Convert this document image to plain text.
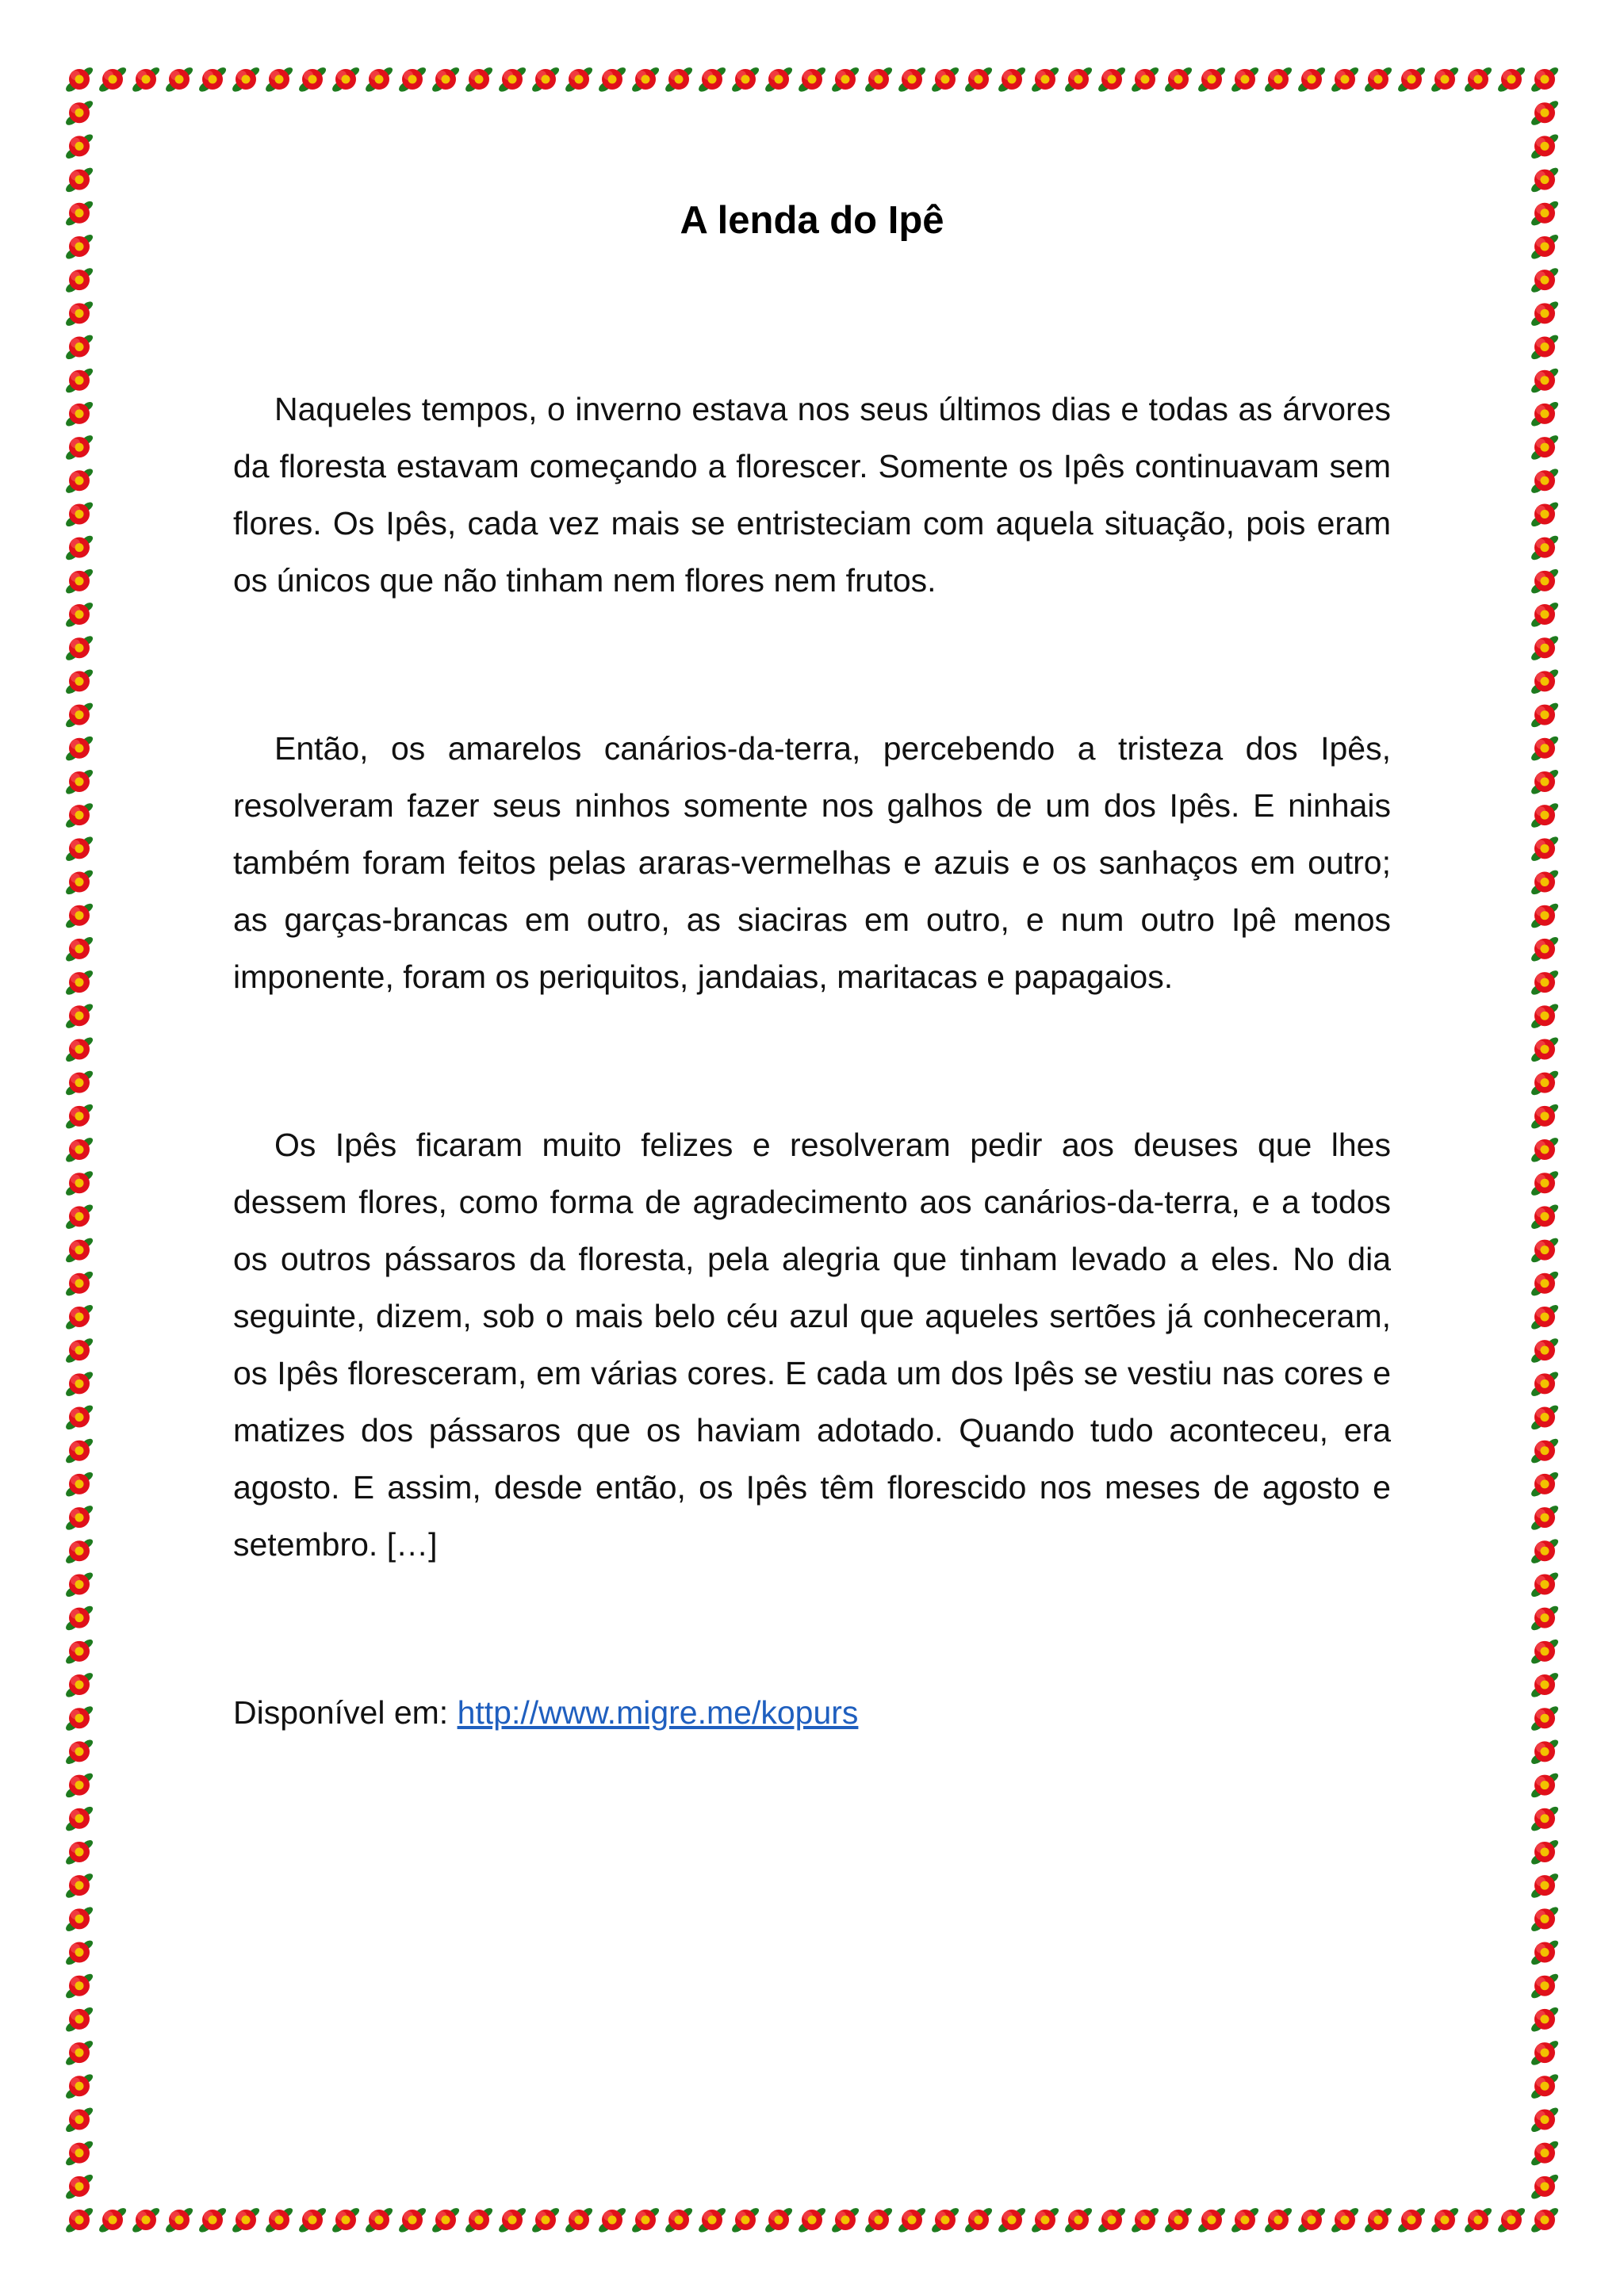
A lenda do Ipê

Naqueles tempos, o inverno estava nos seus últimos dias e todas as árvores da floresta estavam começando a florescer. Somente os Ipês continuavam sem flores. Os Ipês, cada vez mais se entristeciam com aquela situação, pois eram os únicos que não tinham nem flores nem frutos.

Então, os amarelos canários-da-terra, percebendo a tristeza dos Ipês, resolveram fazer seus ninhos somente nos galhos de um dos Ipês. E ninhais também foram feitos pelas araras-vermelhas e azuis e os sanhaços em outro; as garças-brancas em outro, as siaciras em outro, e num outro Ipê menos imponente, foram os periquitos, jandaias, maritacas e papagaios.

Os Ipês ficaram muito felizes e resolveram pedir aos deuses que lhes dessem flores, como forma de agradecimento aos canários-da-terra, e a todos os outros pássaros da floresta, pela alegria que tinham levado a eles. No dia seguinte, dizem, sob o mais belo céu azul que aqueles sertões já conheceram, os Ipês floresceram, em várias cores. E cada um dos Ipês se vestiu nas cores e matizes dos pássaros que os haviam adotado. Quando tudo aconteceu, era agosto. E assim, desde então, os Ipês têm florescido nos meses de agosto e setembro. […]

Disponível em: http://www.migre.me/kopurs
